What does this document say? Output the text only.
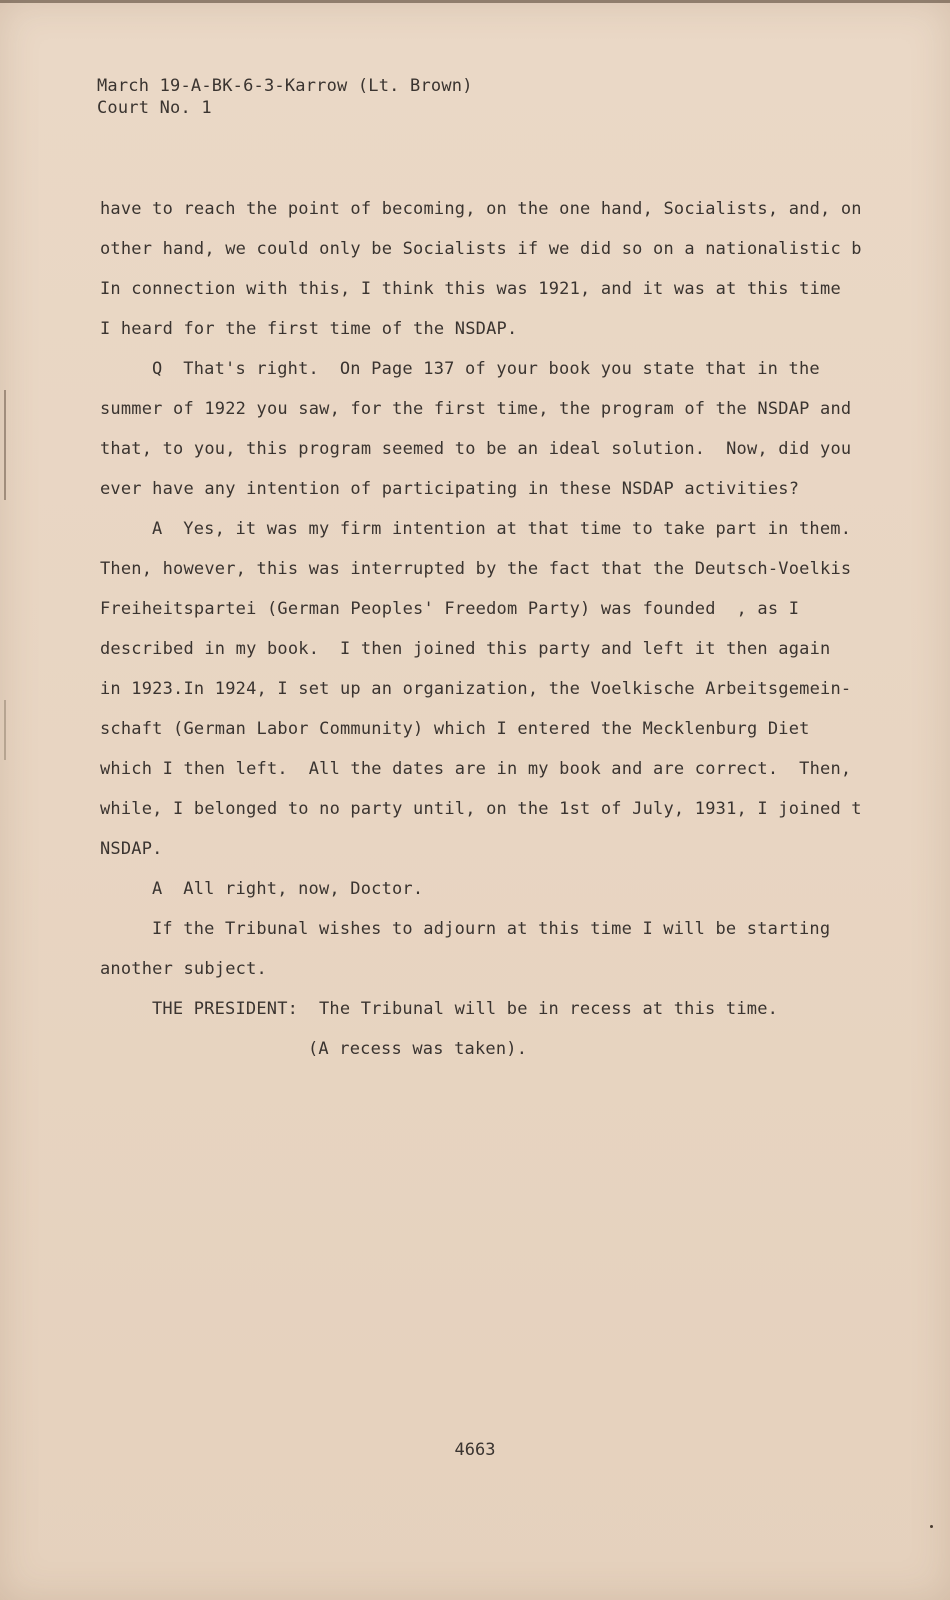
March 19-A-BK-6-3-Karrow (Lt. Brown)
Court No. 1
have to reach the point of becoming, on the one hand, Socialists, and, on
other hand, we could only be Socialists if we did so on a nationalistic b
In connection with this, I think this was 1921, and it was at this time
I heard for the first time of the NSDAP.
Q  That's right.  On Page 137 of your book you state that in the
summer of 1922 you saw, for the first time, the program of the NSDAP and
that, to you, this program seemed to be an ideal solution.  Now, did you
ever have any intention of participating in these NSDAP activities?
A  Yes, it was my firm intention at that time to take part in them.
Then, however, this was interrupted by the fact that the Deutsch-Voelkis
Freiheitspartei (German Peoples' Freedom Party) was founded  , as I
described in my book.  I then joined this party and left it then again
in 1923.In 1924, I set up an organization, the Voelkische Arbeitsgemein-
schaft (German Labor Community) which I entered the Mecklenburg Diet
which I then left.  All the dates are in my book and are correct.  Then,
while, I belonged to no party until, on the 1st of July, 1931, I joined t
NSDAP.
A  All right, now, Doctor.
If the Tribunal wishes to adjourn at this time I will be starting
another subject.
THE PRESIDENT:  The Tribunal will be in recess at this time.
(A recess was taken).
4663
